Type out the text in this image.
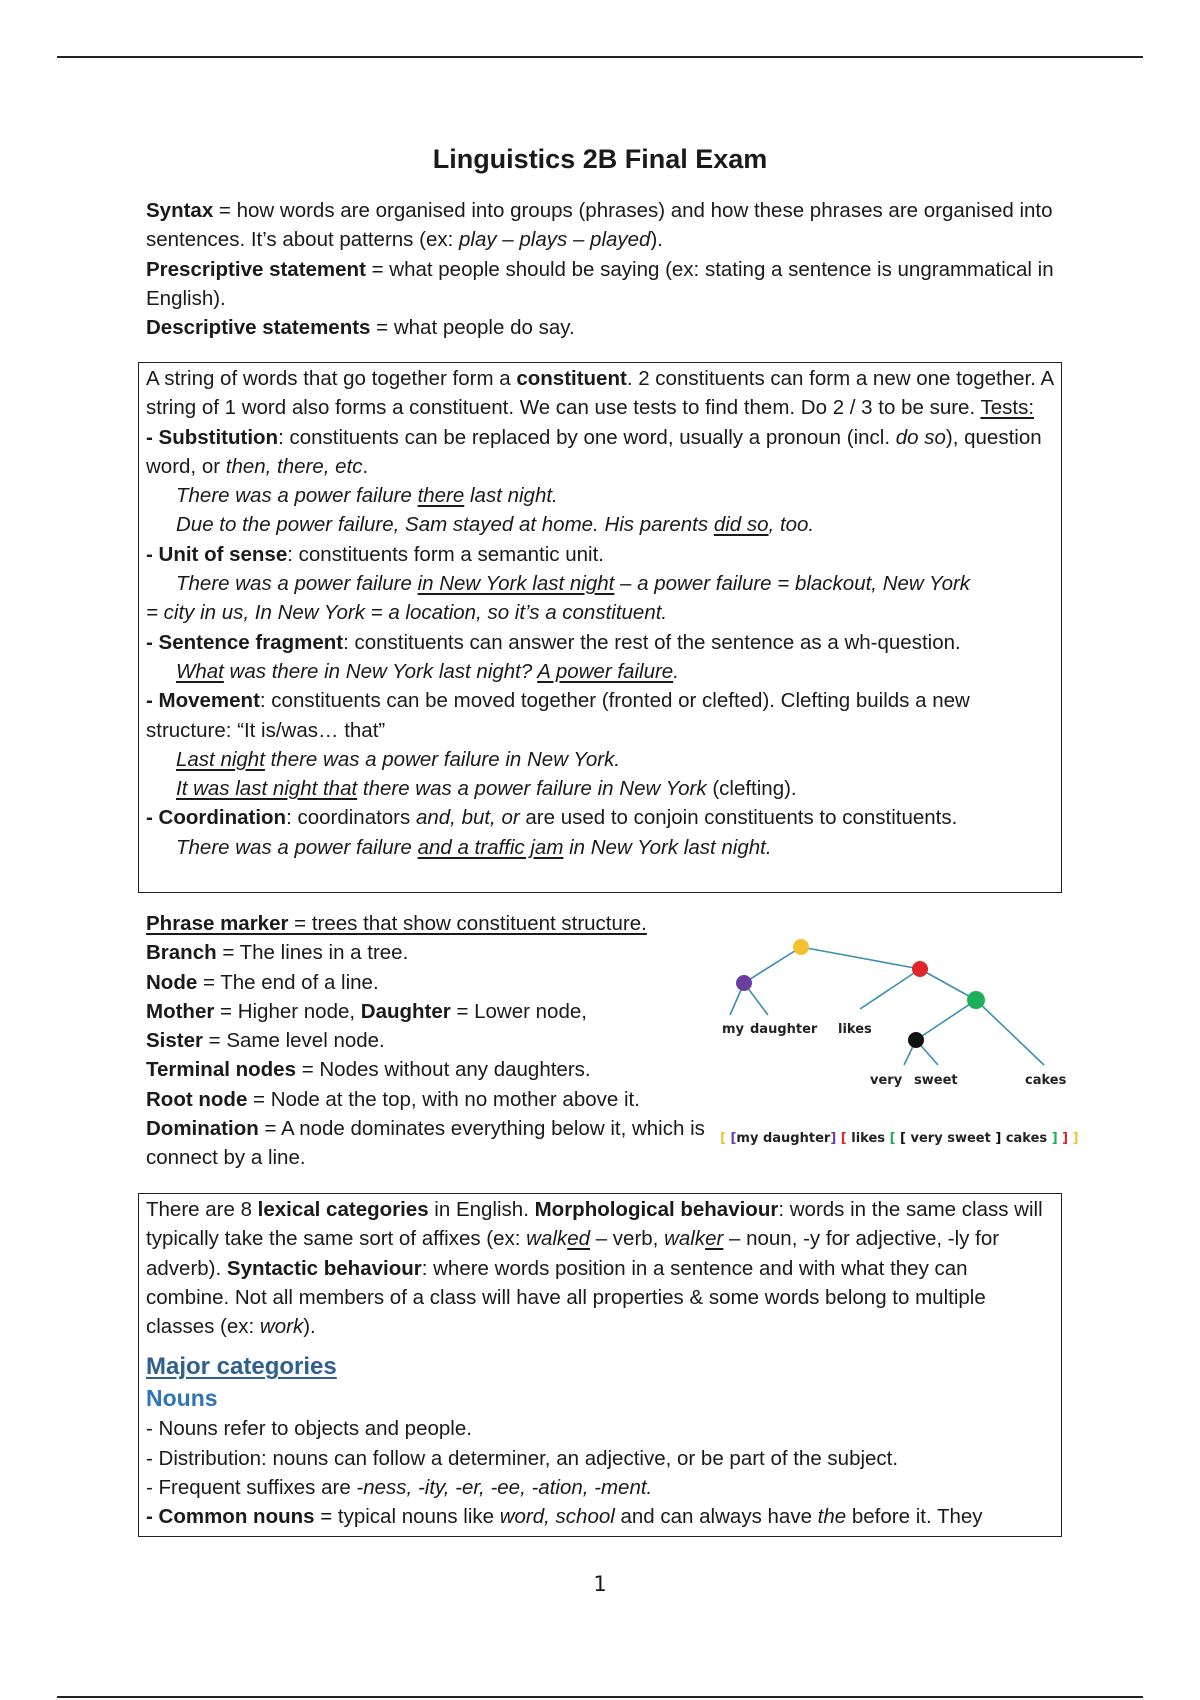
Linguistics 2B Final Exam
Syntax = how words are organised into groups (phrases) and how these phrases are organised into sentences. It’s about patterns (ex: play – plays – played).
Prescriptive statement = what people should be saying (ex: stating a sentence is ungrammatical in English).
Descriptive statements = what people do say.
A string of words that go together form a constituent. 2 constituents can form a new one together. A string of 1 word also forms a constituent. We can use tests to find them. Do 2 / 3 to be sure. Tests:
- Substitution: constituents can be replaced by one word, usually a pronoun (incl. do so), question word, or then, there, etc.
There was a power failure there last night.
Due to the power failure, Sam stayed at home. His parents did so, too.
- Unit of sense: constituents form a semantic unit.
There was a power failure in New York last night – a power failure = blackout, New York
= city in us, In New York = a location, so it’s a constituent.
- Sentence fragment: constituents can answer the rest of the sentence as a wh-question.
What was there in New York last night? A power failure.
- Movement: constituents can be moved together (fronted or clefted). Clefting builds a new structure: “It is/was… that”
Last night there was a power failure in New York.
It was last night that there was a power failure in New York (clefting).
- Coordination: coordinators and, but, or are used to conjoin constituents to constituents.
There was a power failure and a traffic jam in New York last night.
Phrase marker = trees that show constituent structure.
Branch = The lines in a tree.
Node = The end of a line.
Mother = Higher node, Daughter = Lower node,
Sister = Same level node.
Terminal nodes = Nodes without any daughters.
Root node = Node at the top, with no mother above it.
Domination = A node dominates everything below it, which is connect by a line.
my daughter likes
very sweet	cakes
[ [my daughter] [ likes [ [ very sweet ] cakes ] ] ]
There are 8 lexical categories in English. Morphological behaviour: words in the same class will typically take the same sort of affixes (ex: walked – verb, walker – noun, -y for adjective, -ly for adverb). Syntactic behaviour: where words position in a sentence and with what they can combine. Not all members of a class will have all properties & some words belong to multiple classes (ex: work).
Major categories
Nouns
- Nouns refer to objects and people.
- Distribution: nouns can follow a determiner, an adjective, or be part of the subject.
- Frequent suffixes are -ness, -ity, -er, -ee, -ation, -ment.
- Common nouns = typical nouns like word, school and can always have the before it. They
1
